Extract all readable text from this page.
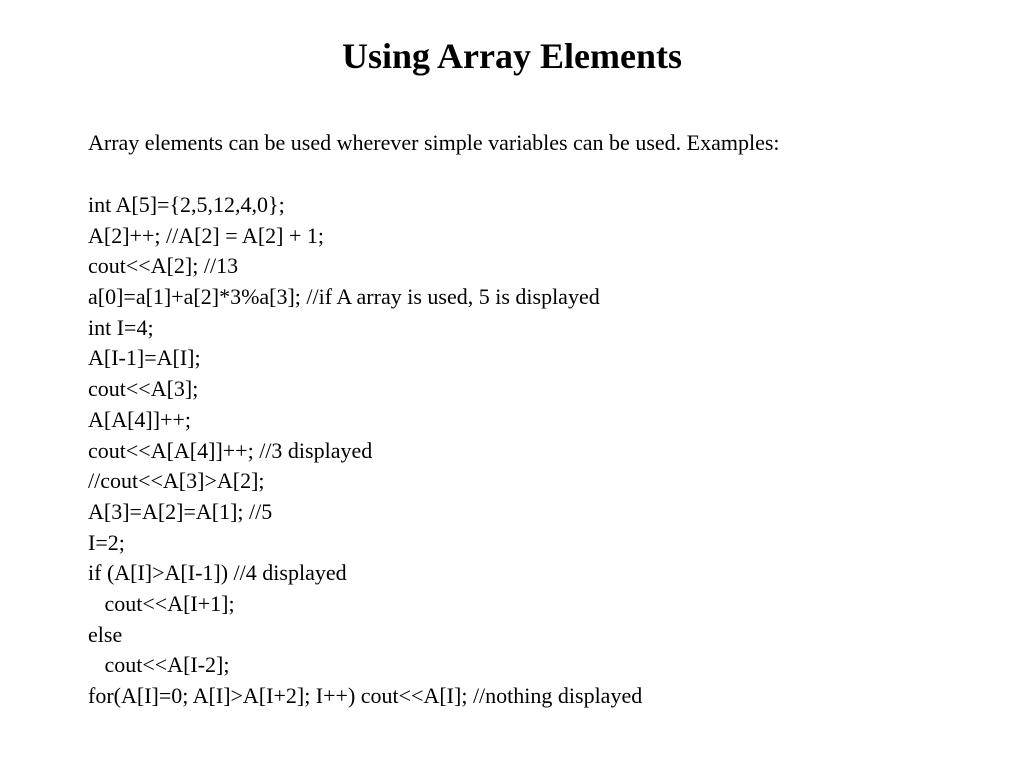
Using Array Elements

Array elements can be used wherever simple variables can be used. Examples:

int A[5]={2,5,12,4,0};
A[2]++; //A[2] = A[2] + 1;
cout<<A[2]; //13
a[0]=a[1]+a[2]*3%a[3]; //if A array is used, 5 is displayed
int I=4;
A[I-1]=A[I];
cout<<A[3];
A[A[4]]++;
cout<<A[A[4]]++; //3 displayed
//cout<<A[3]>A[2];
A[3]=A[2]=A[1]; //5
I=2;
if (A[I]>A[I-1]) //4 displayed
cout<<A[I+1];
else
cout<<A[I-2];
for(A[I]=0; A[I]>A[I+2]; I++) cout<<A[I]; //nothing displayed
